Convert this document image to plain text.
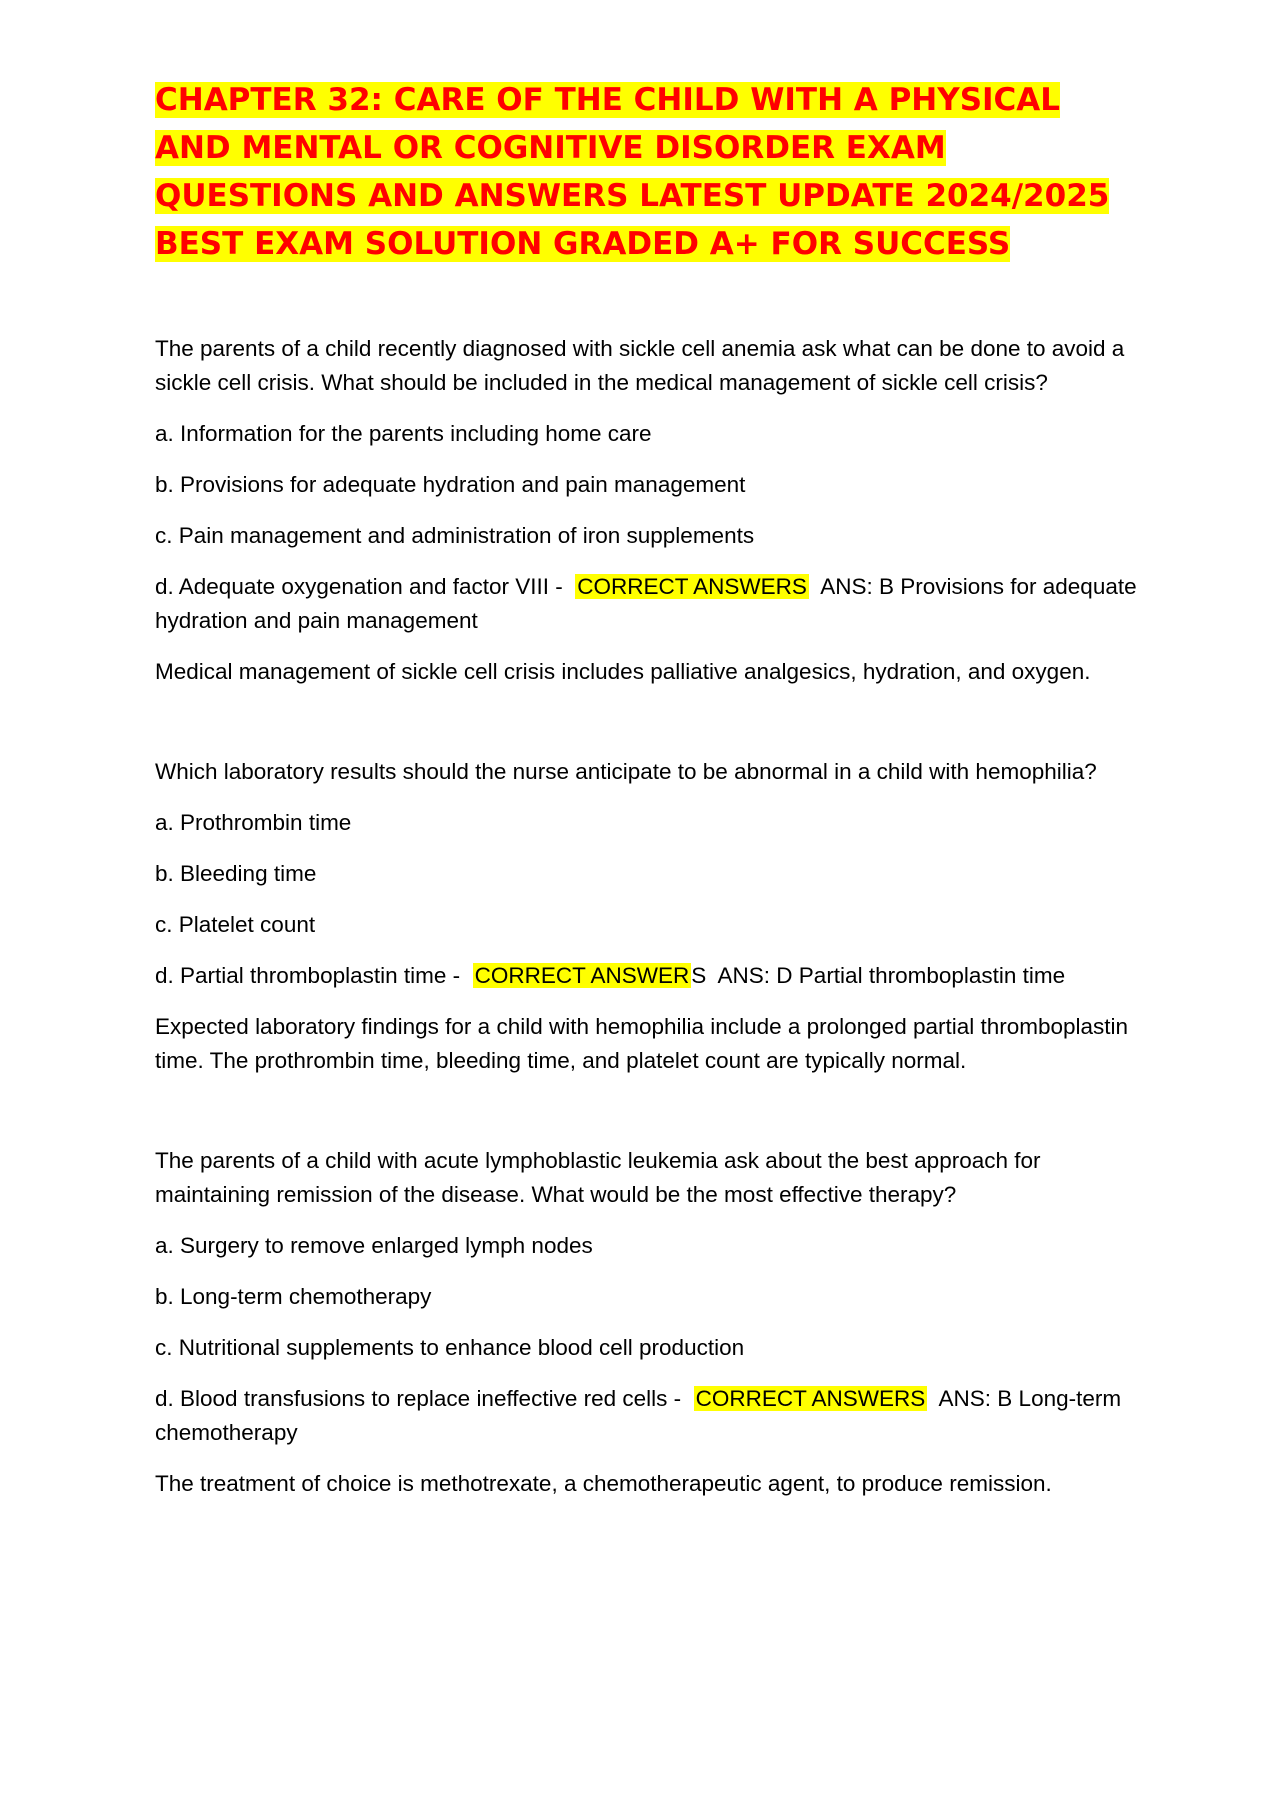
CHAPTER 32: CARE OF THE CHILD WITH A PHYSICAL AND MENTAL OR COGNITIVE DISORDER EXAM QUESTIONS AND ANSWERS LATEST UPDATE 2024/2025 BEST EXAM SOLUTION GRADED A+ FOR SUCCESS

The parents of a child recently diagnosed with sickle cell anemia ask what can be done to avoid a sickle cell crisis. What should be included in the medical management of sickle cell crisis?

a. Information for the parents including home care

b. Provisions for adequate hydration and pain management

c. Pain management and administration of iron supplements

d. Adequate oxygenation and factor VIII - CORRECT ANSWERS ANS: B Provisions for adequate hydration and pain management

Medical management of sickle cell crisis includes palliative analgesics, hydration, and oxygen.

Which laboratory results should the nurse anticipate to be abnormal in a child with hemophilia?

a. Prothrombin time

b. Bleeding time

c. Platelet count

d. Partial thromboplastin time - CORRECT ANSWERS ANS: D Partial thromboplastin time

Expected laboratory findings for a child with hemophilia include a prolonged partial thromboplastin time. The prothrombin time, bleeding time, and platelet count are typically normal.

The parents of a child with acute lymphoblastic leukemia ask about the best approach for maintaining remission of the disease. What would be the most effective therapy?

a. Surgery to remove enlarged lymph nodes

b. Long-term chemotherapy

c. Nutritional supplements to enhance blood cell production

d. Blood transfusions to replace ineffective red cells - CORRECT ANSWERS ANS: B Long-term chemotherapy

The treatment of choice is methotrexate, a chemotherapeutic agent, to produce remission.
